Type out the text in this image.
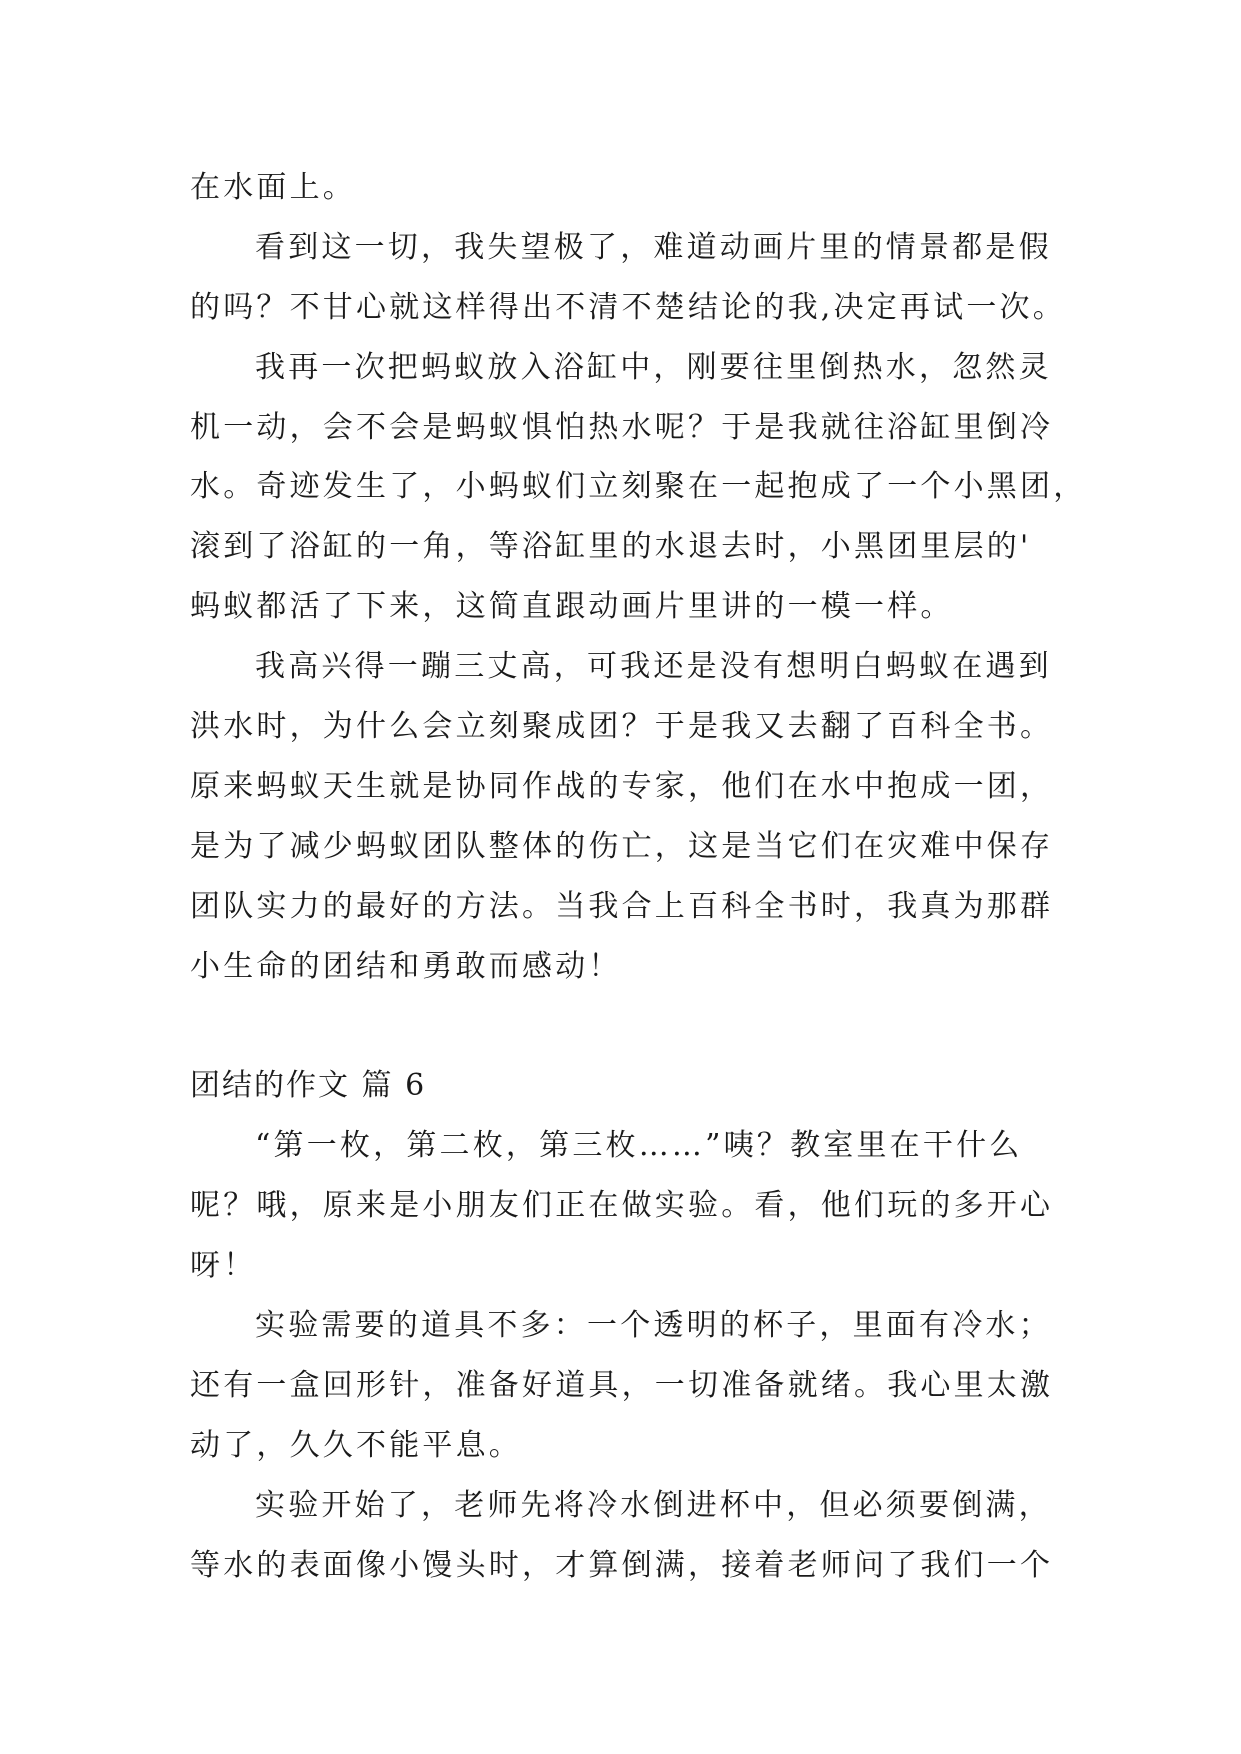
在水面上。
看到这一切，我失望极了，难道动画片里的情景都是假
的吗？不甘心就这样得出不清不楚结论的我,决定再试一次。
我再一次把蚂蚁放入浴缸中，刚要往里倒热水，忽然灵
机一动，会不会是蚂蚁惧怕热水呢？于是我就往浴缸里倒冷
水。奇迹发生了，小蚂蚁们立刻聚在一起抱成了一个小黑团，
滚到了浴缸的一角，等浴缸里的水退去时，小黑团里层的'
蚂蚁都活了下来，这简直跟动画片里讲的一模一样。
我高兴得一蹦三丈高，可我还是没有想明白蚂蚁在遇到
洪水时，为什么会立刻聚成团？于是我又去翻了百科全书。
原来蚂蚁天生就是协同作战的专家，他们在水中抱成一团，
是为了减少蚂蚁团队整体的伤亡，这是当它们在灾难中保存
团队实力的最好的方法。当我合上百科全书时，我真为那群
小生命的团结和勇敢而感动！
团结的作文 篇 6
“第一枚，第二枚，第三枚……”咦？教室里在干什么
呢？哦，原来是小朋友们正在做实验。看，他们玩的多开心
呀！
实验需要的道具不多：一个透明的杯子，里面有冷水；
还有一盒回形针，准备好道具，一切准备就绪。我心里太激
动了，久久不能平息。
实验开始了，老师先将冷水倒进杯中，但必须要倒满，
等水的表面像小馒头时，才算倒满，接着老师问了我们一个
